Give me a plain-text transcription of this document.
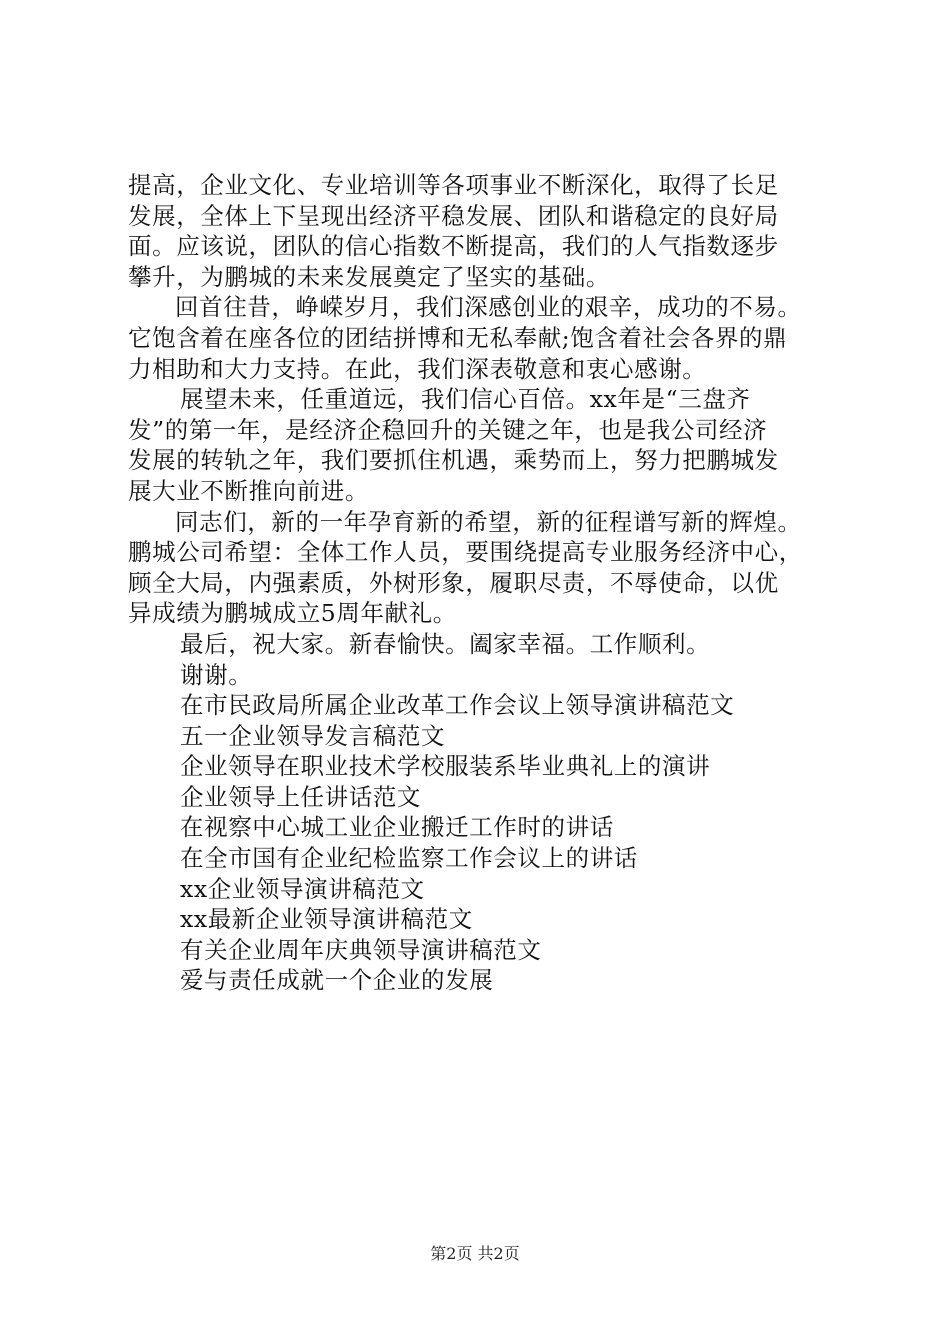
提高，企业文化、专业培训等各项事业不断深化，取得了长足
发展，全体上下呈现出经济平稳发展、团队和谐稳定的良好局
面。应该说，团队的信心指数不断提高，我们的人气指数逐步
攀升，为鹏城的未来发展奠定了坚实的基础。

回首往昔，峥嵘岁月，我们深感创业的艰辛，成功的不易。
它饱含着在座各位的团结拼博和无私奉献;饱含着社会各界的鼎
力相助和大力支持。在此，我们深表敬意和衷心感谢。

展望未来，任重道远，我们信心百倍。xx年是“三盘齐
发”的第一年，是经济企稳回升的关键之年，也是我公司经济
发展的转轨之年，我们要抓住机遇，乘势而上，努力把鹏城发
展大业不断推向前进。

同志们，新的一年孕育新的希望，新的征程谱写新的辉煌。
鹏城公司希望：全体工作人员，要围绕提高专业服务经济中心，
顾全大局，内强素质，外树形象，履职尽责，不辱使命，以优
异成绩为鹏城成立5周年献礼。

最后，祝大家。新春愉快。阖家幸福。工作顺利。
谢谢。
在市民政局所属企业改革工作会议上领导演讲稿范文
五一企业领导发言稿范文
企业领导在职业技术学校服装系毕业典礼上的演讲
企业领导上任讲话范文
在视察中心城工业企业搬迁工作时的讲话
在全市国有企业纪检监察工作会议上的讲话
xx企业领导演讲稿范文
xx最新企业领导演讲稿范文
有关企业周年庆典领导演讲稿范文
爱与责任成就一个企业的发展
第2页 共2页
